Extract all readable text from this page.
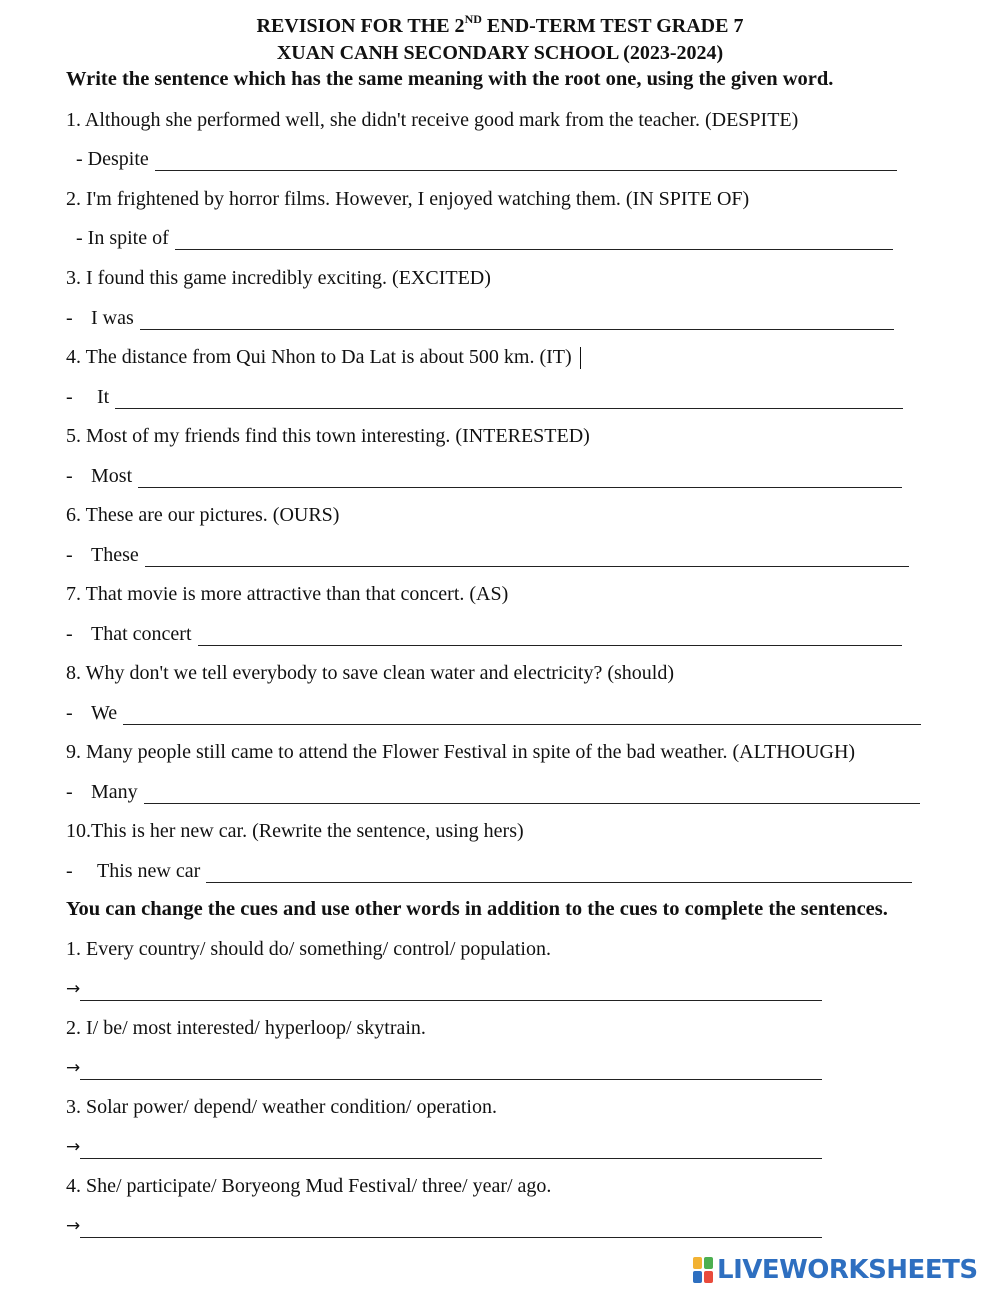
REVISION FOR THE 2ND END-TERM TEST GRADE 7
XUAN CANH SECONDARY SCHOOL (2023-2024)
Write the sentence which has the same meaning with the root one, using the given word.
1. Although she performed well, she didn't receive good mark from the teacher. (DESPITE)
- Despite
2. I'm frightened by horror films. However, I enjoyed watching them. (IN SPITE OF)
- In spite of
3. I found this game incredibly exciting. (EXCITED)
- I was
4. The distance from Qui Nhon to Da Lat is about 500 km. (IT)
-	It
5. Most of my friends find this town interesting. (INTERESTED)
- Most
6. These are our pictures. (OURS)
- These
7. That movie is more attractive than that concert. (AS)
- That concert
8. Why don't we tell everybody to save clean water and electricity? (should)
- We
9. Many people still came to attend the Flower Festival in spite of the bad weather. (ALTHOUGH)
- Many
10.This is her new car. (Rewrite the sentence, using hers)
-	This new car
You can change the cues and use other words in addition to the cues to complete the sentences.
1. Every country/ should do/ something/ control/ population.
→
2. I/ be/ most interested/ hyperloop/ skytrain.
→
3. Solar power/ depend/ weather condition/ operation.
→
4. She/ participate/ Boryeong Mud Festival/ three/ year/ ago.
→
LIVEWORKSHEETS
